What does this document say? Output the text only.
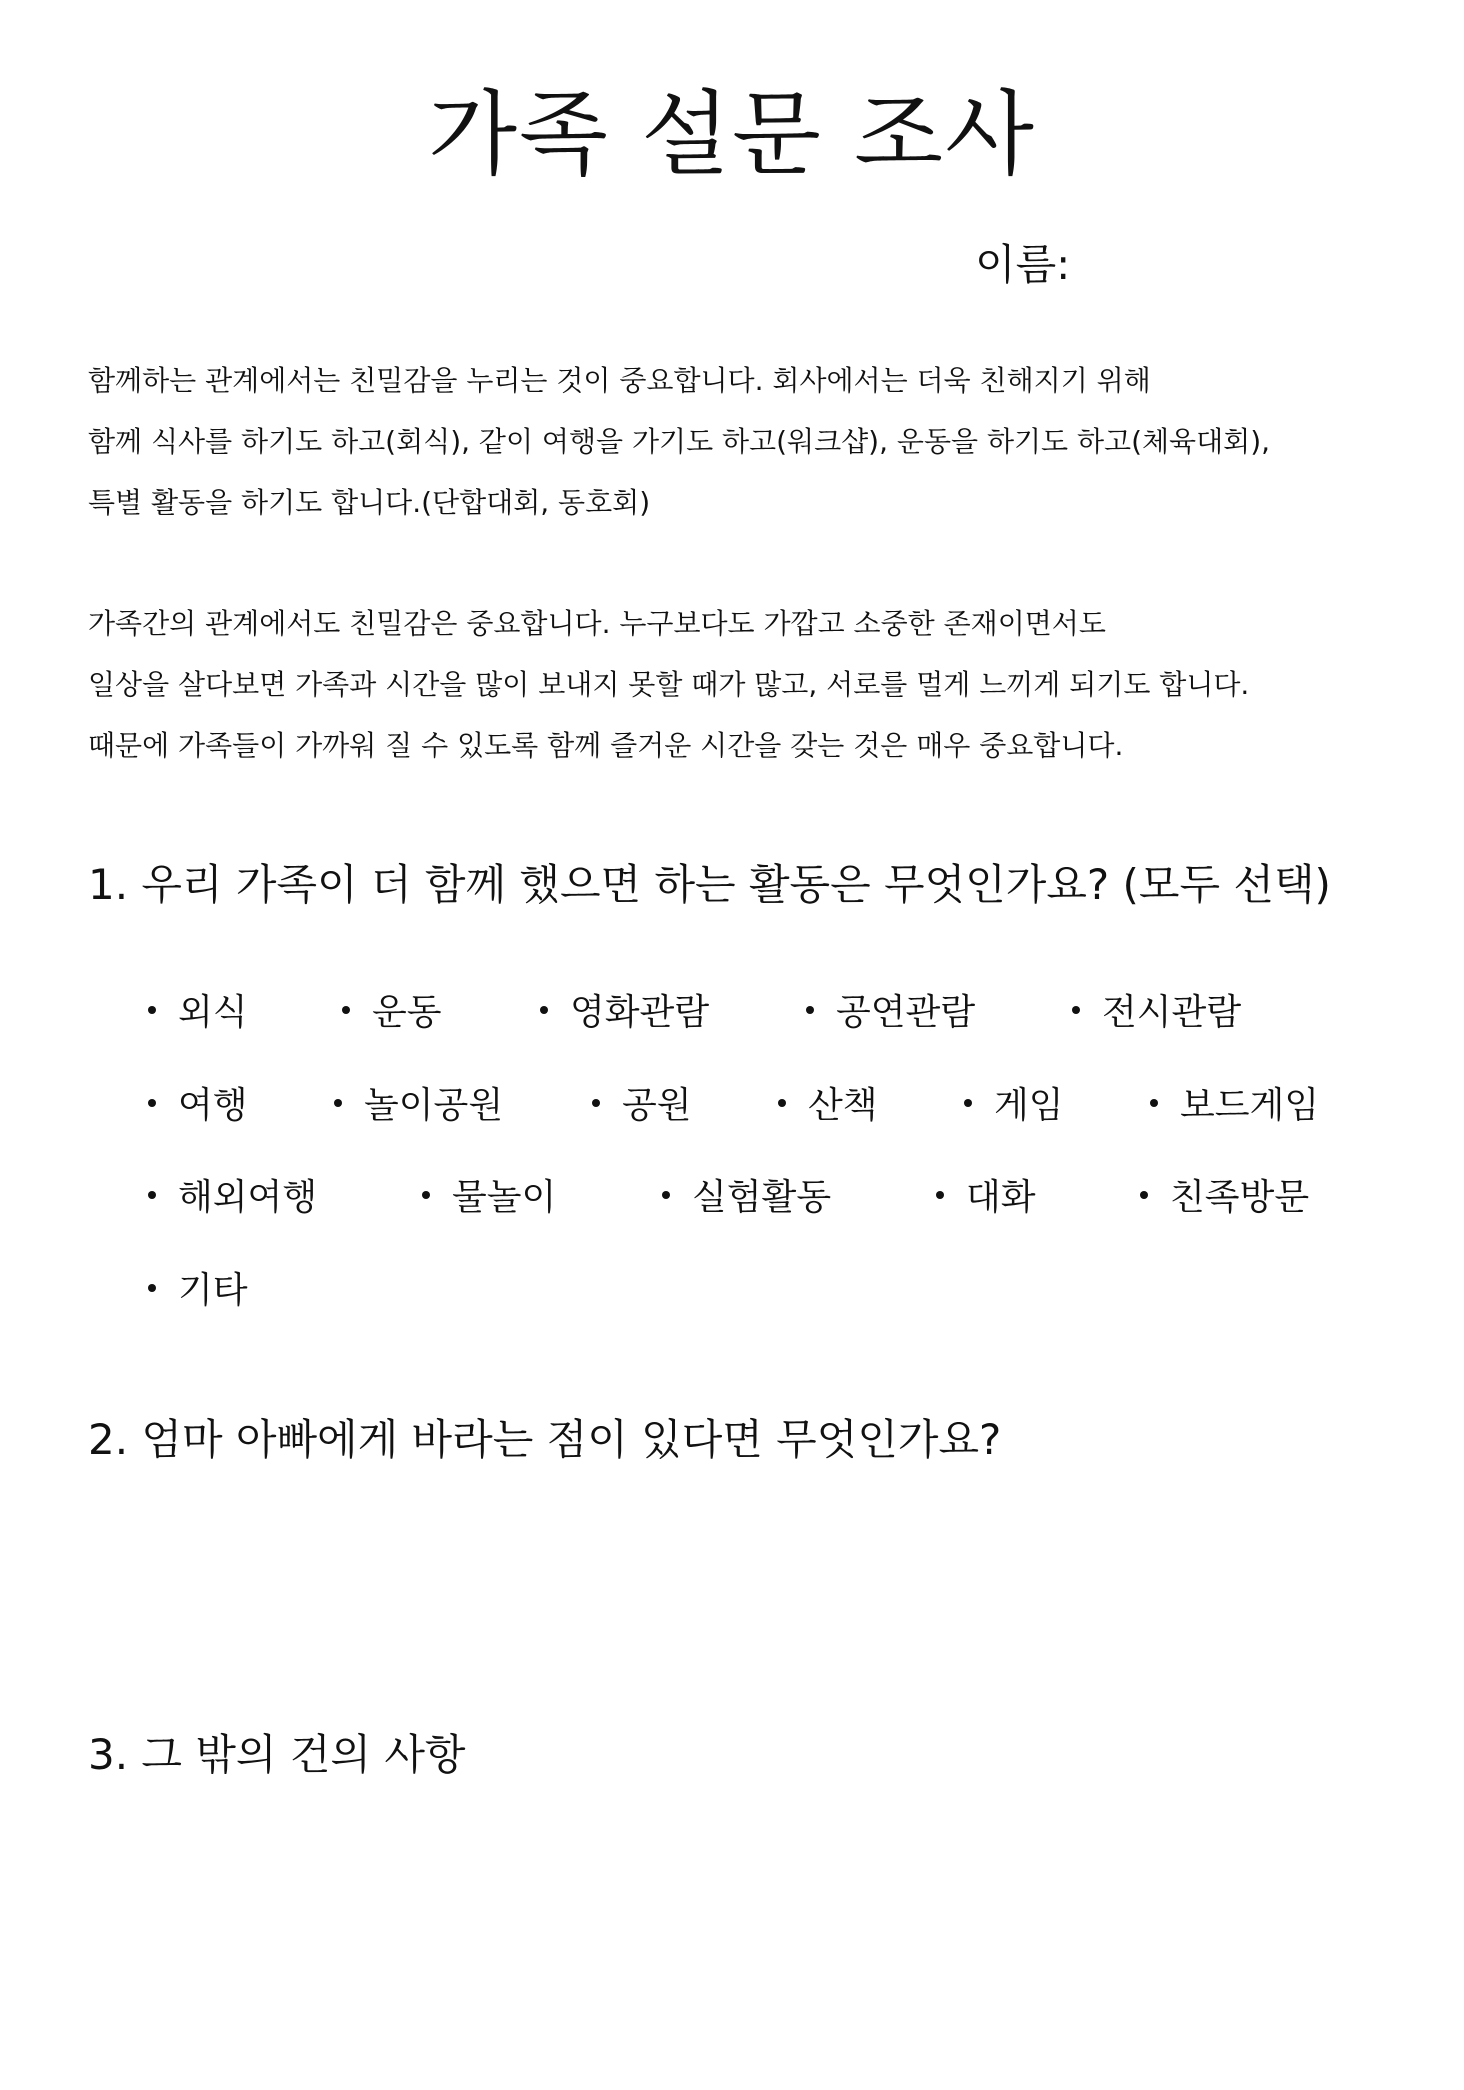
가족 설문 조사
이름:

함께하는 관계에서는 친밀감을 누리는 것이 중요합니다. 회사에서는 더욱 친해지기 위해

함께 식사를 하기도 하고(회식), 같이 여행을 가기도 하고(워크샵), 운동을 하기도 하고(체육대회),

특별 활동을 하기도 합니다.(단합대회, 동호회)

가족간의 관계에서도 친밀감은 중요합니다. 누구보다도 가깝고 소중한 존재이면서도

일상을 살다보면 가족과 시간을 많이 보내지 못할 때가 많고, 서로를 멀게 느끼게 되기도 합니다.

때문에 가족들이 가까워 질 수 있도록 함께 즐거운 시간을 갖는 것은 매우 중요합니다.

1. 우리 가족이 더 함께 했으면 하는 활동은 무엇인가요? (모두 선택)
외식	운동	영화관람	공연관람	전시관람
여행	놀이공원	공원	산책	게임	보드게임
해외여행	물놀이	실험활동	대화	친족방문
기타
2. 엄마 아빠에게 바라는 점이 있다면 무엇인가요?
3. 그 밖의 건의 사항
